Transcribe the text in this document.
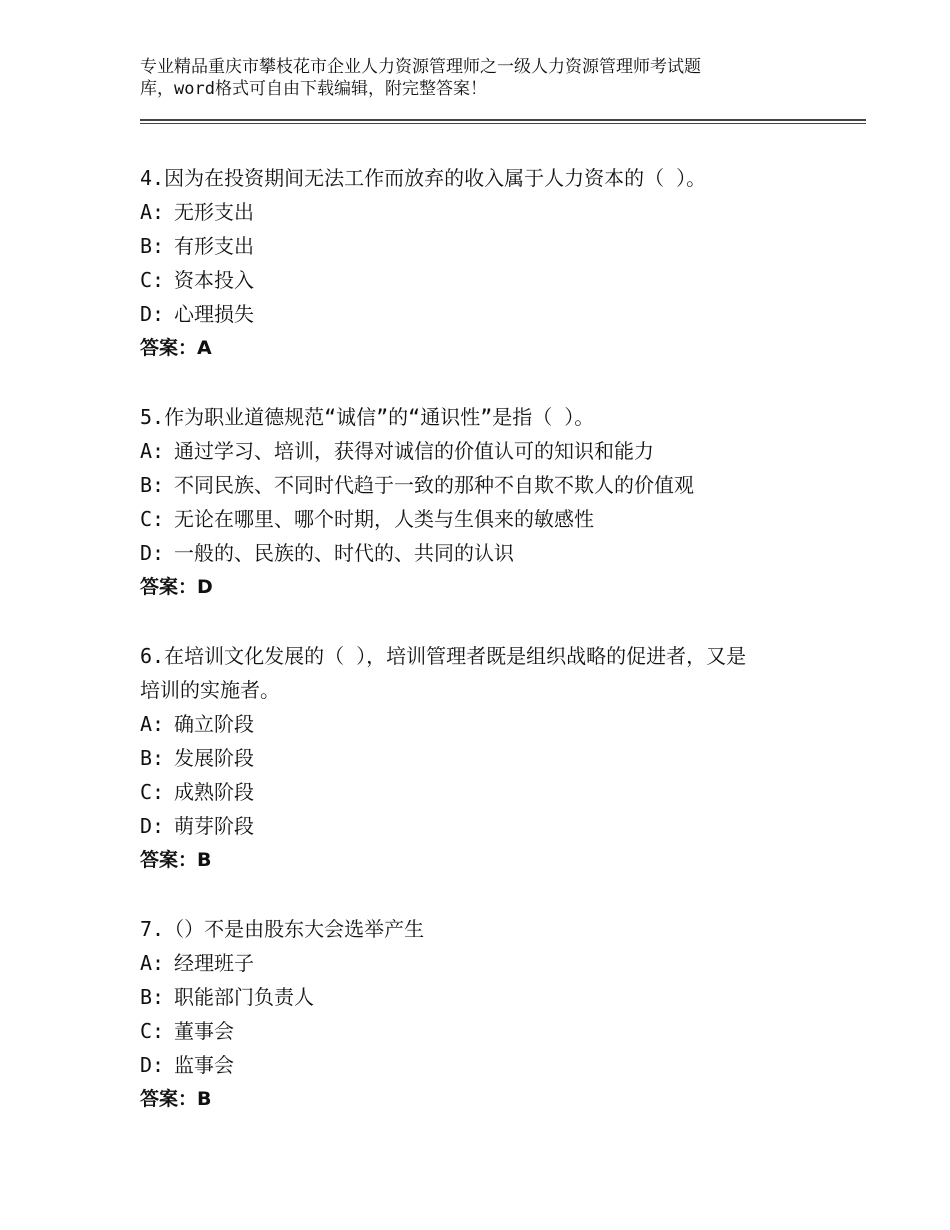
专业精品重庆市攀枝花市企业人力资源管理师之一级人力资源管理师考试题
库，word格式可自由下载编辑，附完整答案！
4.因为在投资期间无法工作而放弃的收入属于人力资本的（ ）。
A: 无形支出
B: 有形支出
C: 资本投入
D: 心理损失
答案：A
5.作为职业道德规范“诚信”的“通识性”是指（ ）。
A: 通过学习、培训，获得对诚信的价值认可的知识和能力
B: 不同民族、不同时代趋于一致的那种不自欺不欺人的价值观
C: 无论在哪里、哪个时期，人类与生俱来的敏感性
D: 一般的、民族的、时代的、共同的认识
答案：D
6.在培训文化发展的（ ），培训管理者既是组织战略的促进者，又是
培训的实施者。
A: 确立阶段
B: 发展阶段
C: 成熟阶段
D: 萌芽阶段
答案：B
7.（）不是由股东大会选举产生
A: 经理班子
B: 职能部门负责人
C: 董事会
D: 监事会
答案：B
